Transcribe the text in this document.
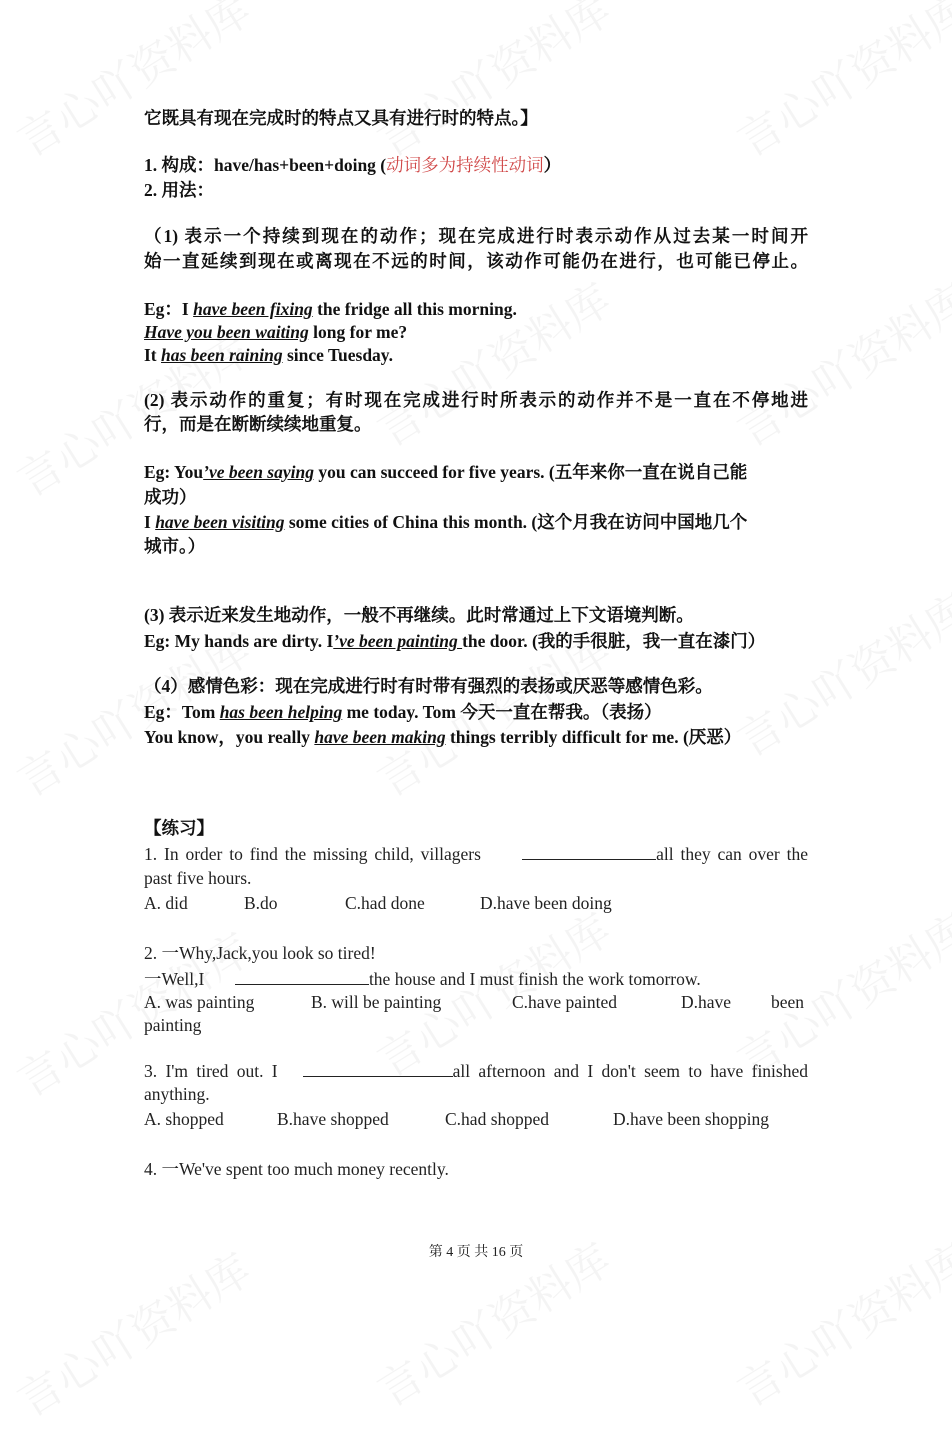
它既具有现在完成时的特点又具有进行时的特点。】
1. 构成：have/has+been+doing (动词多为持续性动词）
2. 用法：
（1) 表示一个持续到现在的动作；现在完成进行时表示动作从过去某一时间开
始一直延续到现在或离现在不远的时间，该动作可能仍在进行，也可能已停止。
Eg：I have been fixing the fridge all this morning.
Have you been waiting long for me?
It has been raining since Tuesday.
(2) 表示动作的重复；有时现在完成进行时所表示的动作并不是一直在不停地进
行，而是在断断续续地重复。
Eg: You’ve been saying you can succeed for five years. (五年来你一直在说自己能
成功）
I have been visiting some cities of China this month. (这个月我在访问中国地几个
城市。）
(3) 表示近来发生地动作，一般不再继续。此时常通过上下文语境判断。
Eg: My hands are dirty. I’ve been painting the door. (我的手很脏，我一直在漆门）
（4）感情色彩：现在完成进行时有时带有强烈的表扬或厌恶等感情色彩。
Eg：Tom has been helping me today. Tom 今天一直在帮我。（表扬）
You know，you really have been making things terribly difficult for me. (厌恶）
【练习】
1. In order to find the missing child, villagers	all they can over the
past five hours.
A. did	B.do	C.had done	D.have been doing
2. 一Why,Jack,you look so tired!
一Well,I	the house and I must finish the work tomorrow.
A. was painting	B. will be painting	C.have painted	D.have been
painting
3. I'm tired out. I	all afternoon and I don't seem to have finished
anything.
A. shopped	B.have shopped	C.had shopped	D.have been shopping
4. 一We've spent too much money recently.
第 4 页 共 16 页
